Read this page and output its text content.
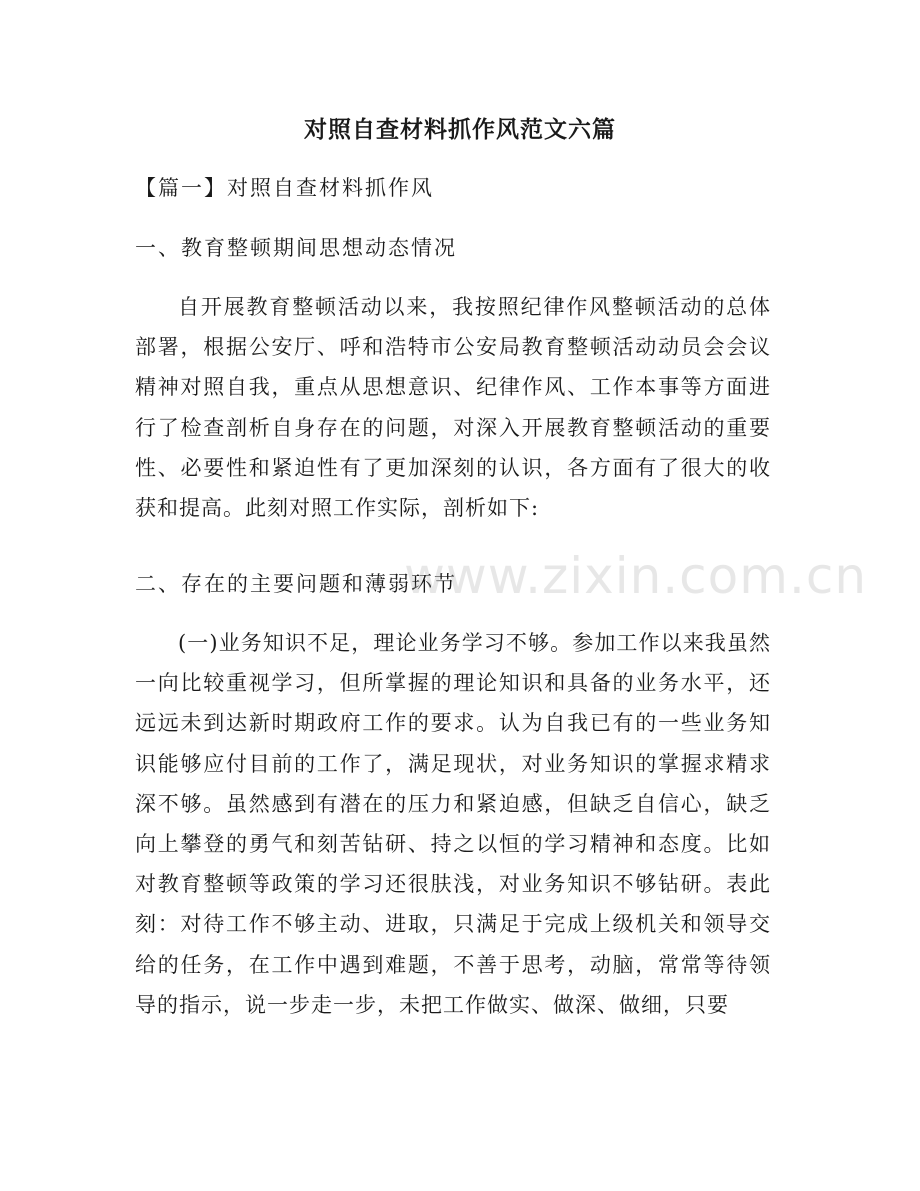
对照自查材料抓作风范文六篇
【篇一】对照自查材料抓作风
一、教育整顿期间思想动态情况
自开展教育整顿活动以来，我按照纪律作风整顿活动的总体部署，根据公安厅、呼和浩特市公安局教育整顿活动动员会会议精神对照自我，重点从思想意识、纪律作风、工作本事等方面进行了检查剖析自身存在的问题，对深入开展教育整顿活动的重要性、必要性和紧迫性有了更加深刻的认识，各方面有了很大的收获和提高。此刻对照工作实际，剖析如下:
二、存在的主要问题和薄弱环节
(一)业务知识不足，理论业务学习不够。参加工作以来我虽然一向比较重视学习，但所掌握的理论知识和具备的业务水平，还远远未到达新时期政府工作的要求。认为自我已有的一些业务知识能够应付目前的工作了，满足现状，对业务知识的掌握求精求深不够。虽然感到有潜在的压力和紧迫感，但缺乏自信心，缺乏向上攀登的勇气和刻苦钻研、持之以恒的学习精神和态度。比如对教育整顿等政策的学习还很肤浅，对业务知识不够钻研。表此刻：对待工作不够主动、进取，只满足于完成上级机关和领导交给的任务，在工作中遇到难题，不善于思考，动脑，常常等待领导的指示，说一步走一步，未把工作做实、做深、做细，只要
www.zixin.com.cn
